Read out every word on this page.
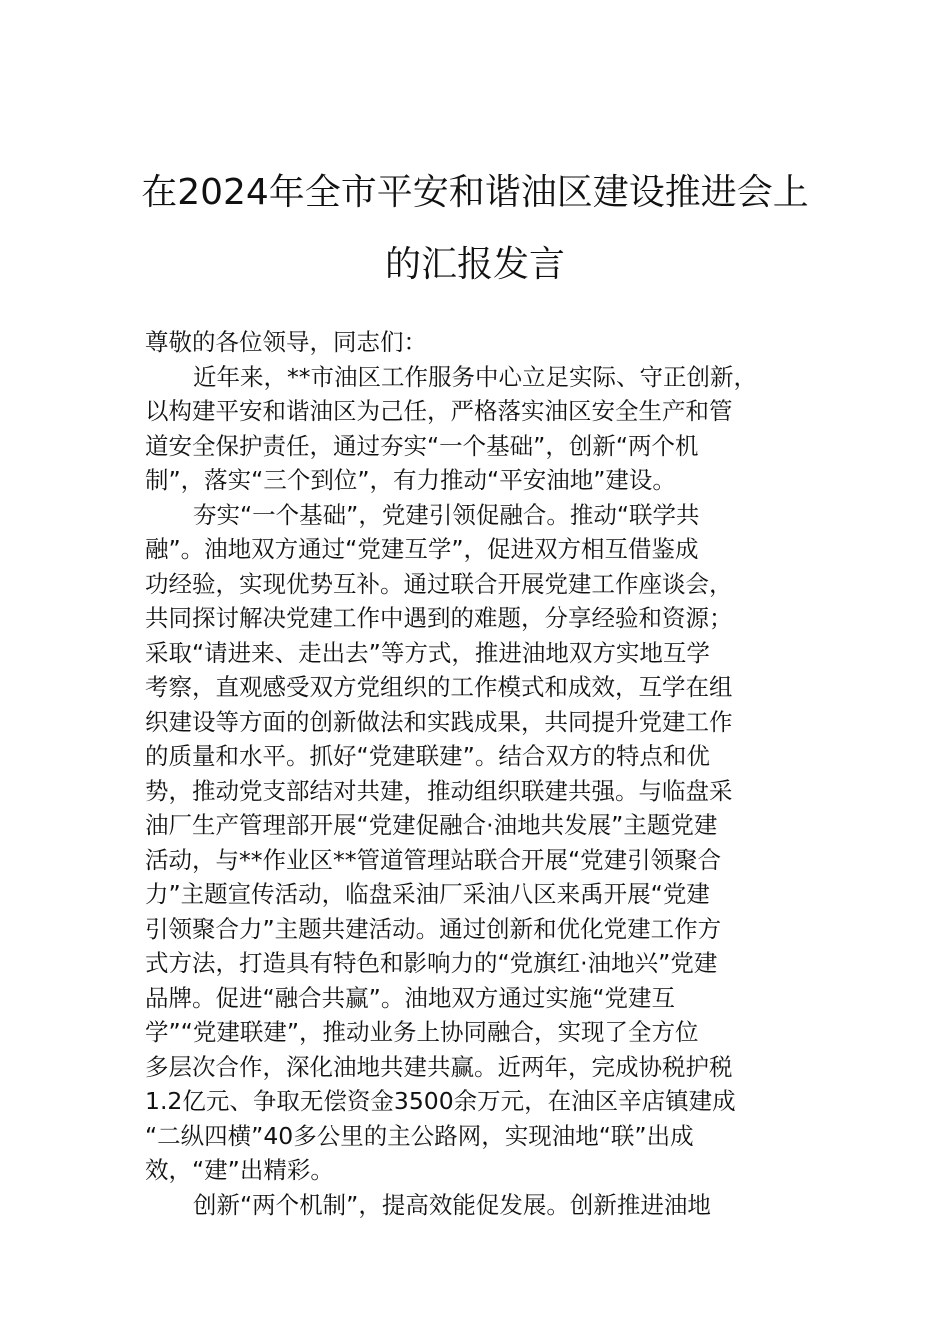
在2024年全市平安和谐油区建设推进会上
的汇报发言
尊敬的各位领导，同志们：
近年来，**市油区工作服务中心立足实际、守正创新，
以构建平安和谐油区为己任，严格落实油区安全生产和管
道安全保护责任，通过夯实“一个基础”，创新“两个机
制”，落实“三个到位”，有力推动“平安油地”建设。
夯实“一个基础”，党建引领促融合。推动“联学共
融”。油地双方通过“党建互学”，促进双方相互借鉴成
功经验，实现优势互补。通过联合开展党建工作座谈会，
共同探讨解决党建工作中遇到的难题，分享经验和资源；
采取“请进来、走出去”等方式，推进油地双方实地互学
考察，直观感受双方党组织的工作模式和成效，互学在组
织建设等方面的创新做法和实践成果，共同提升党建工作
的质量和水平。抓好“党建联建”。结合双方的特点和优
势，推动党支部结对共建，推动组织联建共强。与临盘采
油厂生产管理部开展“党建促融合·油地共发展”主题党建
活动，与**作业区**管道管理站联合开展“党建引领聚合
力”主题宣传活动，临盘采油厂采油八区来禹开展“党建
引领聚合力”主题共建活动。通过创新和优化党建工作方
式方法，打造具有特色和影响力的“党旗红·油地兴”党建
品牌。促进“融合共赢”。油地双方通过实施“党建互
学”“党建联建”，推动业务上协同融合，实现了全方位
多层次合作，深化油地共建共赢。近两年，完成协税护税
1.2亿元、争取无偿资金3500余万元，在油区辛店镇建成
“二纵四横”40多公里的主公路网，实现油地“联”出成
效，“建”出精彩。
创新“两个机制”，提高效能促发展。创新推进油地
